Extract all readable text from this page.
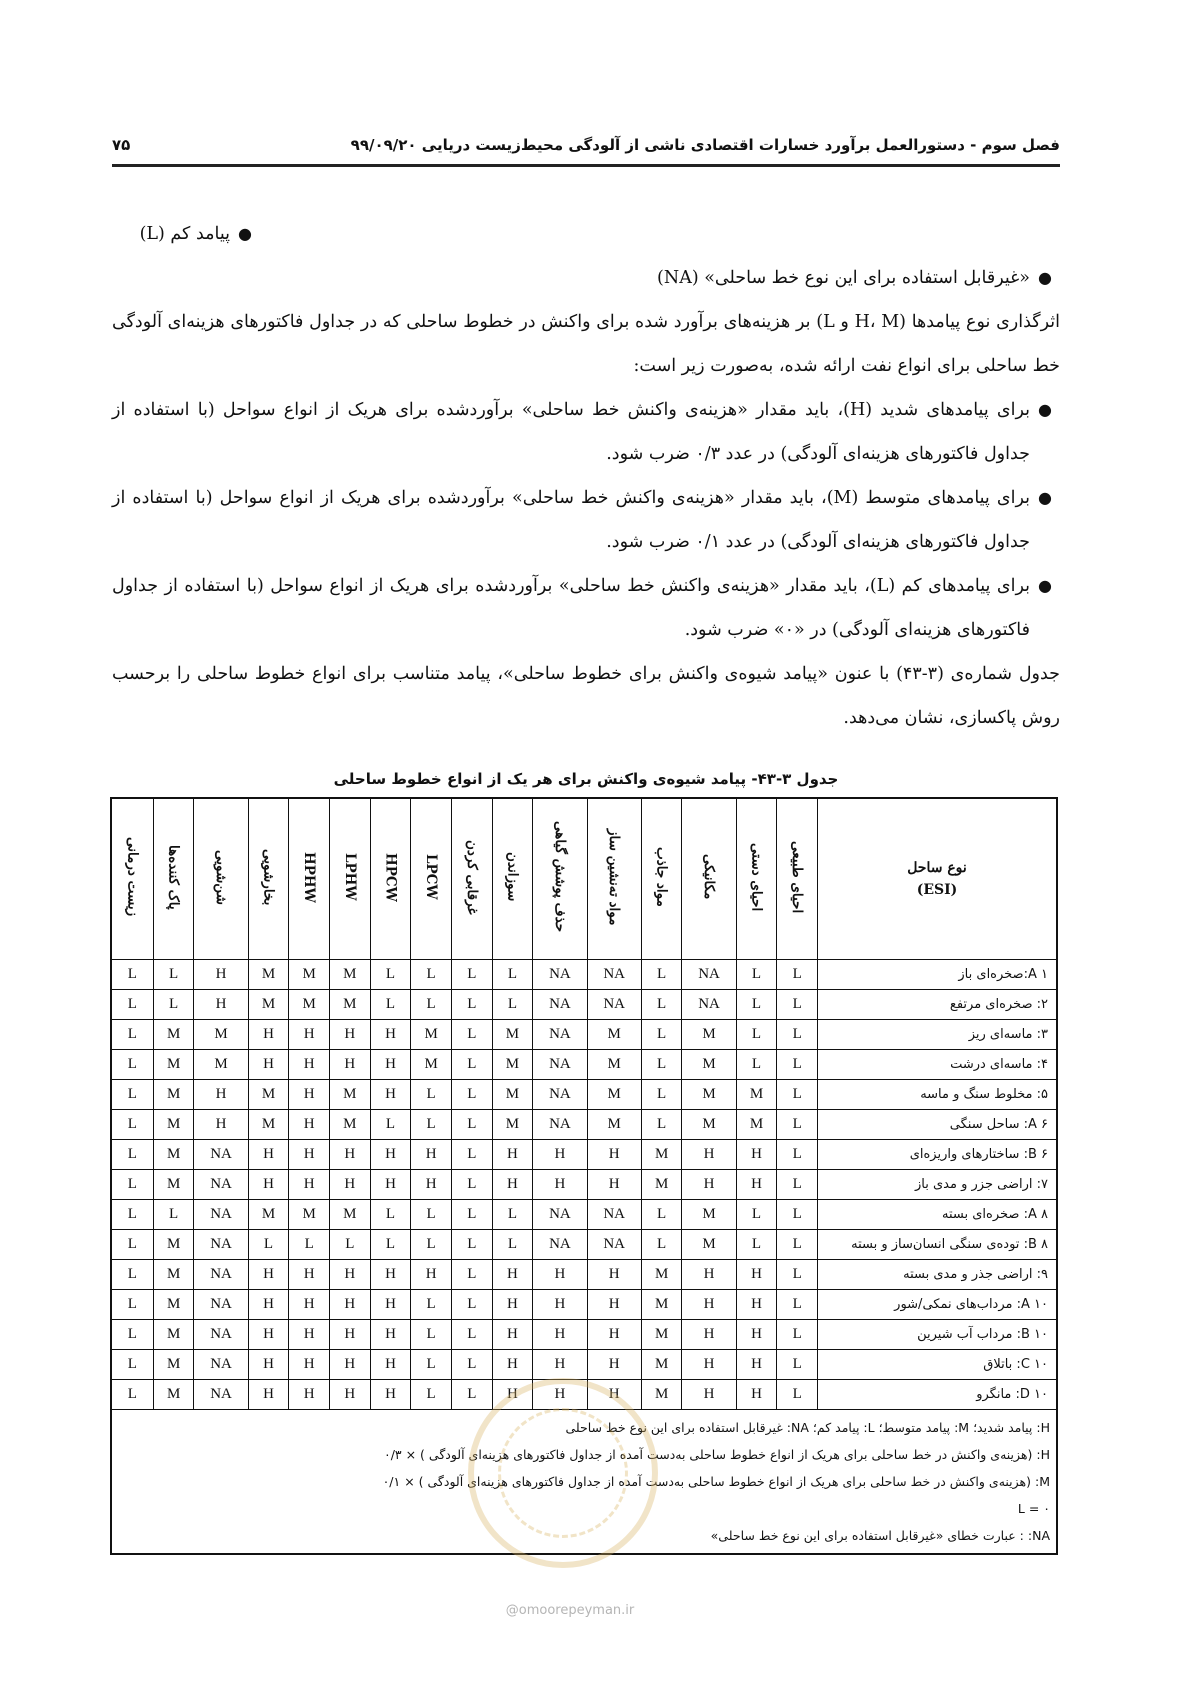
فصل سوم - دستورالعمل برآورد خسارات اقتصادی ناشی از آلودگی محیط‌زیست دریایی ۹۹/۰۹/۲۰
۷۵
●
پیامد کم (L)
●
«غیرقابل استفاده برای این نوع خط ساحلی» (NA)
اثرگذاری نوع پیامدها (H، M و L) بر هزینه‌های برآورد شده برای واکنش در خطوط ساحلی که در جداول فاکتورهای هزینه‌ای آلودگی خط ساحلی برای انواع نفت ارائه شده، به‌صورت زیر است:
●
برای پیامدهای شدید (H)، باید مقدار «هزینه‌ی واکنش خط ساحلی» برآوردشده برای هریک از انواع سواحل (با استفاده از جداول فاکتورهای هزینه‌ای آلودگی) در عدد ۰/۳ ضرب شود.
●
برای پیامدهای متوسط (M)، باید مقدار «هزینه‌ی واکنش خط ساحلی» برآوردشده برای هریک از انواع سواحل (با استفاده از جداول فاکتورهای هزینه‌ای آلودگی) در عدد ۰/۱ ضرب شود.
●
برای پیامدهای کم (L)، باید مقدار «هزینه‌ی واکنش خط ساحلی» برآوردشده برای هریک از انواع سواحل (با استفاده از جداول فاکتورهای هزینه‌ای آلودگی) در «۰» ضرب شود.
جدول شماره‌ی (۳-۴۳) با عنون «پیامد شیوه‌ی واکنش برای خطوط ساحلی»، پیامد متناسب برای انواع خطوط ساحلی را برحسب روش پاکسازی، نشان می‌دهد.
جدول ۳-۴۳- پیامد شیوه‌ی واکنش برای هر یک از انواع خطوط ساحلی
نوع ساحل
(ESI)	احیای طبیعی	احیای دستی	مکانیکی	مواد جاذب	مواد ته‌نشین ساز	حذف پوشش گیاهی	سوزاندن	غرقابی کردن	LPCW	HPCW	LPHW	HPHW	بخارشویی	شن‌شویی	پاک کننده‌ها	زیست درمانی
A ۱:صخره‌ای باز	L	L	NA	L	NA	NA	L	L	L	L	M	M	M	H	L	L
۲: صخره‌ای مرتفع	L	L	NA	L	NA	NA	L	L	L	L	M	M	M	H	L	L
۳: ماسه‌ای ریز	L	L	M	L	M	NA	M	L	M	H	H	H	H	M	M	L
۴: ماسه‌ای درشت	L	L	M	L	M	NA	M	L	M	H	H	H	H	M	M	L
۵: مخلوط سنگ و ماسه	L	M	M	L	M	NA	M	L	L	H	M	H	M	H	M	L
A ۶: ساحل سنگی	L	M	M	L	M	NA	M	L	L	L	M	H	M	H	M	L
B ۶: ساختارهای واریزه‌ای	L	H	H	M	H	H	H	L	H	H	H	H	H	NA	M	L
۷: اراضی جزر و مدی باز	L	H	H	M	H	H	H	L	H	H	H	H	H	NA	M	L
A ۸: صخره‌ای بسته	L	L	M	L	NA	NA	L	L	L	L	M	M	M	NA	L	L
B ۸: توده‌ی سنگی انسان‌ساز و بسته	L	L	M	L	NA	NA	L	L	L	L	L	L	L	NA	M	L
۹: اراضی جذر و مدی بسته	L	H	H	M	H	H	H	L	H	H	H	H	H	NA	M	L
A ۱۰: مرداب‌های نمکی/شور	L	H	H	M	H	H	H	L	L	H	H	H	H	NA	M	L
B ۱۰: مرداب آب شیرین	L	H	H	M	H	H	H	L	L	H	H	H	H	NA	M	L
C ۱۰: باتلاق	L	H	H	M	H	H	H	L	L	H	H	H	H	NA	M	L
D ۱۰: مانگرو	L	H	H	M	H	H	H	L	L	H	H	H	H	NA	M	L

H: پیامد شدید؛ M: پیامد متوسط؛ L: پیامد کم؛ NA: غیرقابل استفاده برای این نوع خط ساحلی
H: (هزینه‌ی واکنش در خط ساحلی برای هریک از انواع خطوط ساحلی به‌دست آمده از جداول فاکتورهای هزینه‌ای آلودگی ) × ۰/۳
M: (هزینه‌ی واکنش در خط ساحلی برای هریک از انواع خطوط ساحلی به‌دست آمده از جداول فاکتورهای هزینه‌ای آلودگی ) × ۰/۱
L = ۰
NA: : عبارت خطای «غیرقابل استفاده برای این نوع خط ساحلی»																
@omoorepeyman.ir
